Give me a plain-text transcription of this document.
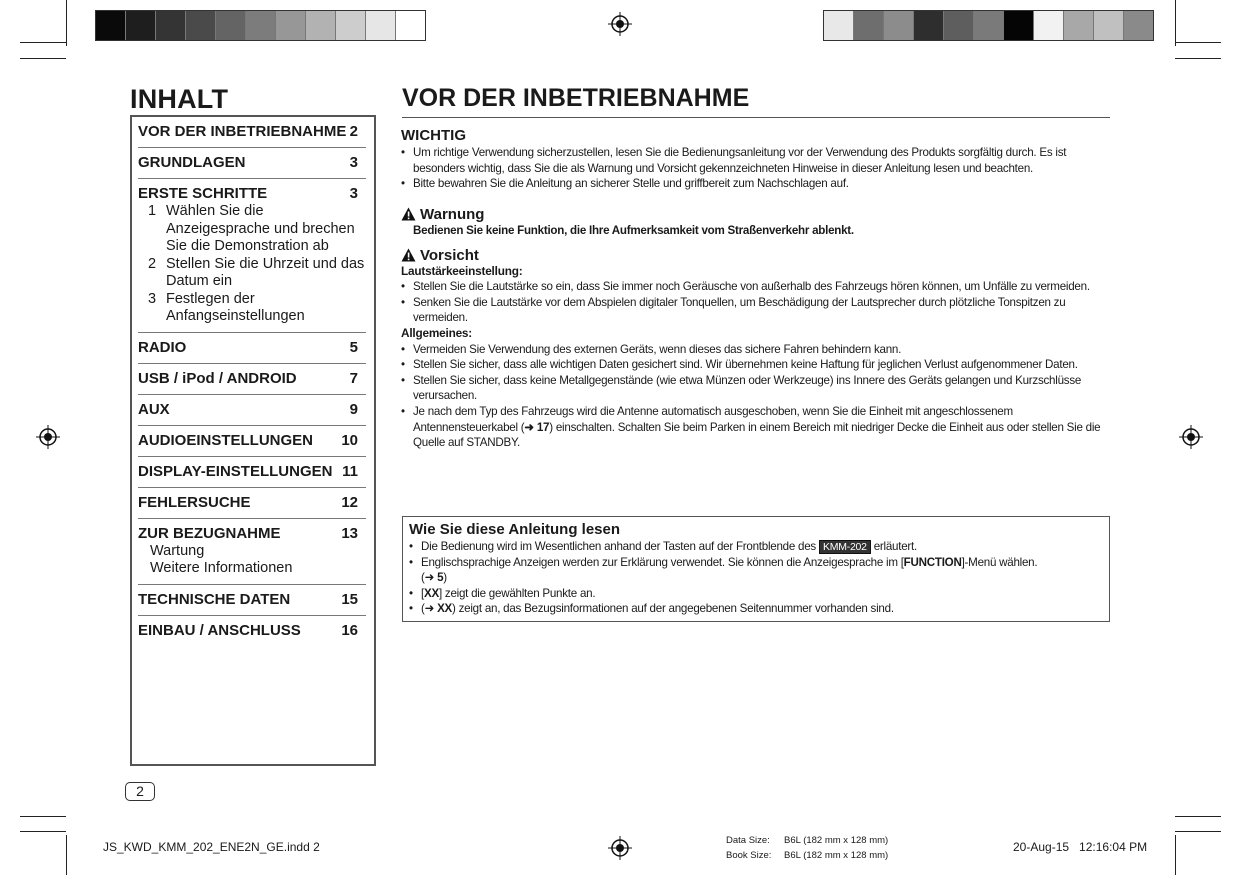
INHALT
VOR DER INBETRIEBNAHME 2
GRUNDLAGEN	3
ERSTE SCHRITTE	3
1 Wählen Sie die Anzeigesprache und brechen Sie die Demonstration ab
2 Stellen Sie die Uhrzeit und das Datum ein
3 Festlegen der Anfangseinstellungen
RADIO	5
USB / iPod / ANDROID	7
AUX	9
AUDIOEINSTELLUNGEN 10
DISPLAY-EINSTELLUNGEN 11
FEHLERSUCHE	12
ZUR BEZUGNAHME	13
Wartung
Weitere Informationen
TECHNISCHE DATEN	15
EINBAU / ANSCHLUSS	16
VOR DER INBETRIEBNAHME
WICHTIG
• Um richtige Verwendung sicherzustellen, lesen Sie die Bedienungsanleitung vor der Verwendung des Produkts sorgfältig durch. Es ist besonders wichtig, dass Sie die als Warnung und Vorsicht gekennzeichneten Hinweise in dieser Anleitung lesen und beachten.
• Bitte bewahren Sie die Anleitung an sicherer Stelle und griffbereit zum Nachschlagen auf.
Warnung
Bedienen Sie keine Funktion, die Ihre Aufmerksamkeit vom Straßenverkehr ablenkt.
Vorsicht
Lautstärkeeinstellung:
• Stellen Sie die Lautstärke so ein, dass Sie immer noch Geräusche von außerhalb des Fahrzeugs hören können, um Unfälle zu vermeiden.
• Senken Sie die Lautstärke vor dem Abspielen digitaler Tonquellen, um Beschädigung der Lautsprecher durch plötzliche Tonspitzen zu vermeiden.
Allgemeines:
• Vermeiden Sie Verwendung des externen Geräts, wenn dieses das sichere Fahren behindern kann.
• Stellen Sie sicher, dass alle wichtigen Daten gesichert sind. Wir übernehmen keine Haftung für jeglichen Verlust aufgenommener Daten.
• Stellen Sie sicher, dass keine Metallgegenstände (wie etwa Münzen oder Werkzeuge) ins Innere des Geräts gelangen und Kurzschlüsse verursachen.
• Je nach dem Typ des Fahrzeugs wird die Antenne automatisch ausgeschoben, wenn Sie die Einheit mit angeschlossenem Antennensteuerkabel (➜ 17) einschalten. Schalten Sie beim Parken in einem Bereich mit niedriger Decke die Einheit aus oder stellen Sie die Quelle auf STANDBY.
Wie Sie diese Anleitung lesen
• Die Bedienung wird im Wesentlichen anhand der Tasten auf der Frontblende des KMM-202 erläutert.
• Englischsprachige Anzeigen werden zur Erklärung verwendet. Sie können die Anzeigesprache im [FUNCTION]-Menü wählen.
(➜ 5)
• [XX] zeigt die gewählten Punkte an.
• (➜ XX) zeigt an, das Bezugsinformationen auf der angegebenen Seitennummer vorhanden sind.
2
JS_KWD_KMM_202_ENE2N_GE.indd 2	Data Size: B6L (182 mm x 128 mm)
Book Size: B6L (182 mm x 128 mm)
20-Aug-15   12:16:04 PM
